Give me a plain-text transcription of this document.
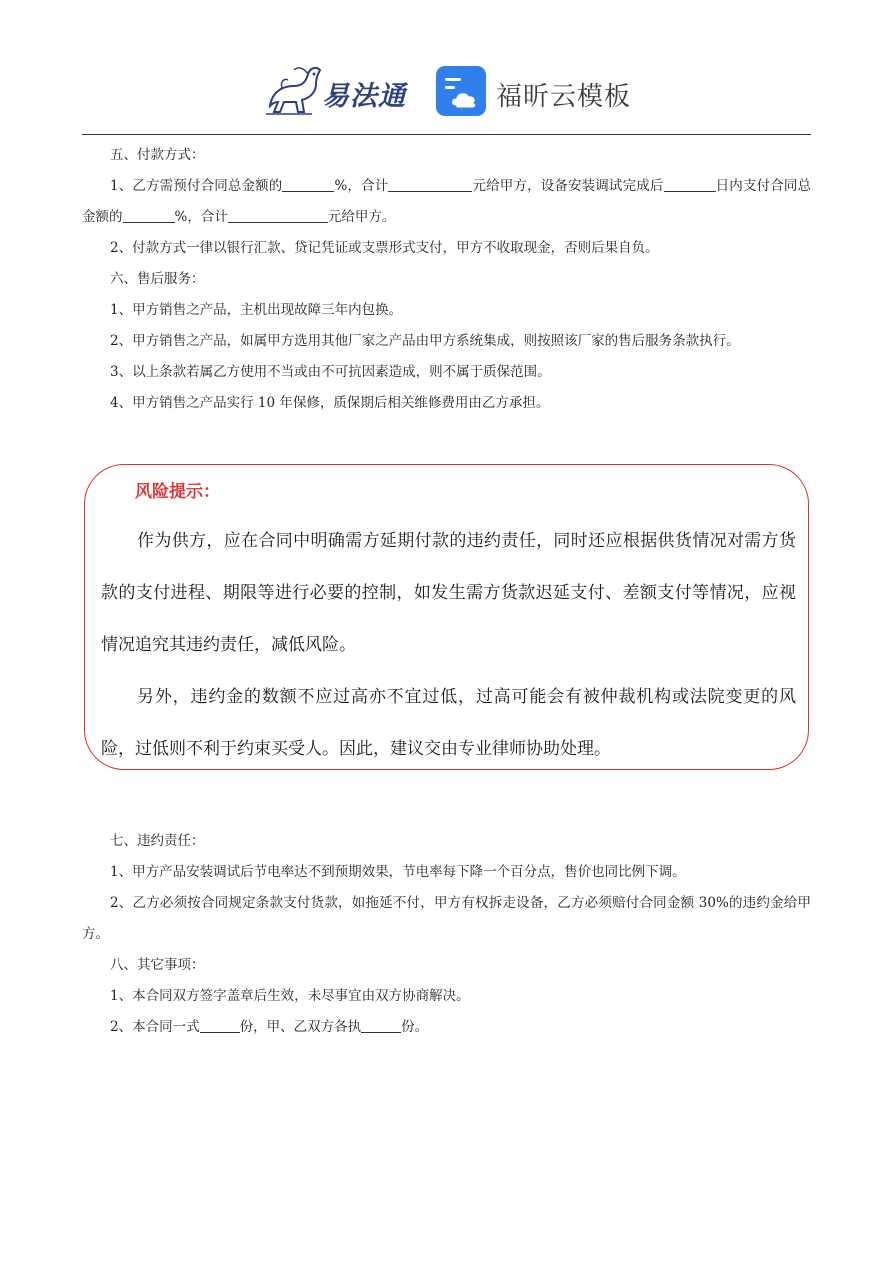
易法通	福昕云模板

五、付款方式：

1、乙方需预付合同总金额的	%，合计	元给甲方，设备安装调试完成后	日内支付合同总金额的	%，合计	元给甲方。

2、付款方式一律以银行汇款、贷记凭证或支票形式支付，甲方不收取现金，否则后果自负。

六、售后服务：

1、甲方销售之产品，主机出现故障三年内包换。

2、甲方销售之产品，如属甲方选用其他厂家之产品由甲方系统集成，则按照该厂家的售后服务条款执行。

3、以上条款若属乙方使用不当或由不可抗因素造成，则不属于质保范围。

4、甲方销售之产品实行 10 年保修，质保期后相关维修费用由乙方承担。

风险提示：

作为供方，应在合同中明确需方延期付款的违约责任，同时还应根据供货情况对需方货款的支付进程、期限等进行必要的控制，如发生需方货款迟延支付、差额支付等情况，应视情况追究其违约责任，减低风险。

另外，违约金的数额不应过高亦不宜过低，过高可能会有被仲裁机构或法院变更的风险，过低则不利于约束买受人。因此，建议交由专业律师协助处理。

七、违约责任：

1、甲方产品安装调试后节电率达不到预期效果，节电率每下降一个百分点，售价也同比例下调。

2、乙方必须按合同规定条款支付货款，如拖延不付，甲方有权拆走设备，乙方必须赔付合同金额 30%的违约金给甲方。

八、其它事项：

1、本合同双方签字盖章后生效，未尽事宜由双方协商解决。

2、本合同一式	份，甲、乙双方各执	份。
